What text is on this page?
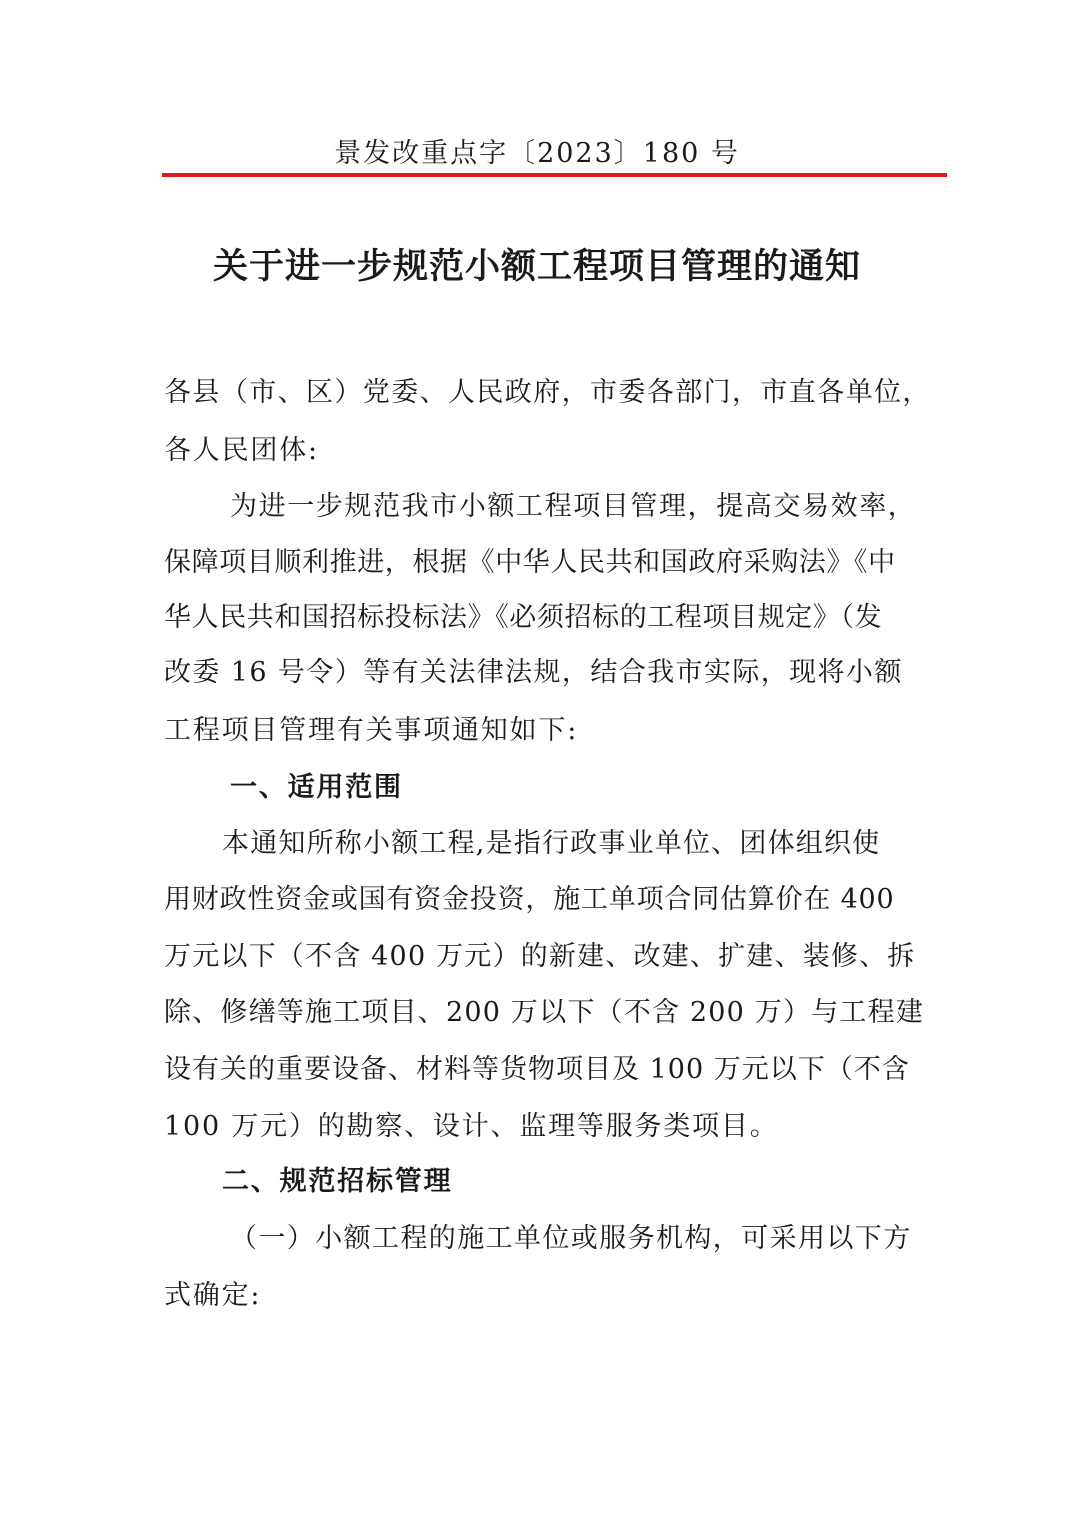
景发改重点字〔2023〕180 号
关于进一步规范小额工程项目管理的通知
各县（市、区）党委、人民政府，市委各部门，市直各单位，
各人民团体:
为进一步规范我市小额工程项目管理，提高交易效率，
保障项目顺利推进，根据《中华人民共和国政府采购法》《中
华人民共和国招标投标法》《必须招标的工程项目规定》（发
改委 16 号令）等有关法律法规，结合我市实际，现将小额
工程项目管理有关事项通知如下:
一、适用范围
本通知所称小额工程,是指行政事业单位、团体组织使
用财政性资金或国有资金投资，施工单项合同估算价在 400
万元以下（不含 400 万元）的新建、改建、扩建、装修、拆
除、修缮等施工项目、200 万以下（不含 200 万）与工程建
设有关的重要设备、材料等货物项目及 100 万元以下（不含
100 万元）的勘察、设计、监理等服务类项目。
二、规范招标管理
（一）小额工程的施工单位或服务机构，可采用以下方
式确定:
